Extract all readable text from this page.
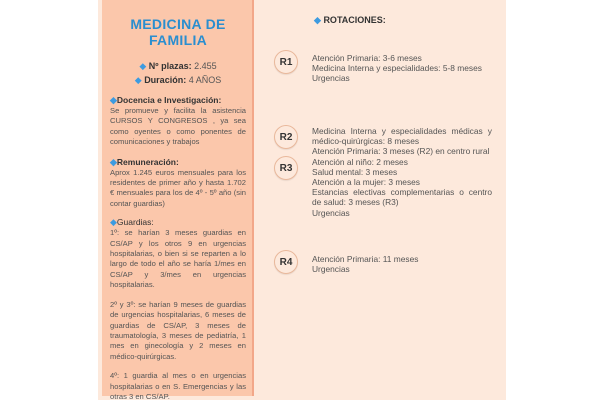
MEDICINA DE FAMILIA
◆ Nº plazas: 2.455
◆ Duración: 4 AÑOS
◆Docencia e Investigación:
Se promueve y facilita la asistencia CURSOS Y CONGRESOS , ya sea como oyentes o como ponentes de comunicaciones y trabajos
◆Remuneración:
Aprox 1.245 euros mensuales para los residentes de primer año y hasta 1.702 € mensuales para los de 4º - 5º año (sin contar guardias)
◆Guardias:
1º: se harían 3 meses guardias en CS/AP y los otros 9 en urgencias hospitalarias, o bien si se reparten a lo largo de todo el año se haría 1/mes en CS/AP y 3/mes en urgencias hospitalarias.
2º y 3º: se harían 9 meses de guardias de urgencias hospitalarias, 6 meses de guardias de CS/AP, 3 meses de traumatología, 3 meses de pediatría, 1 mes en ginecología y 2 meses en médico-quirúrgicas.
4º: 1 guardia al mes o en urgencias hospitalarias o en S. Emergencias y las otras 3 en CS/AP.
◆ ROTACIONES:
R1	Atención Primaria: 3-6 meses
Medicina Interna y especialidades: 5-8 meses
Urgencias
R2
R3
Medicina Interna y especialidades médicas y médico-quirúrgicas: 8 meses
Atención Primaria: 3 meses (R2) en centro rural
Atención al niño: 2 meses
Salud mental: 3 meses
Atención a la mujer: 3 meses
Estancias electivas complementarias o centro de salud: 3 meses (R3)
Urgencias
R4	Atención Primaria: 11 meses
Urgencias
